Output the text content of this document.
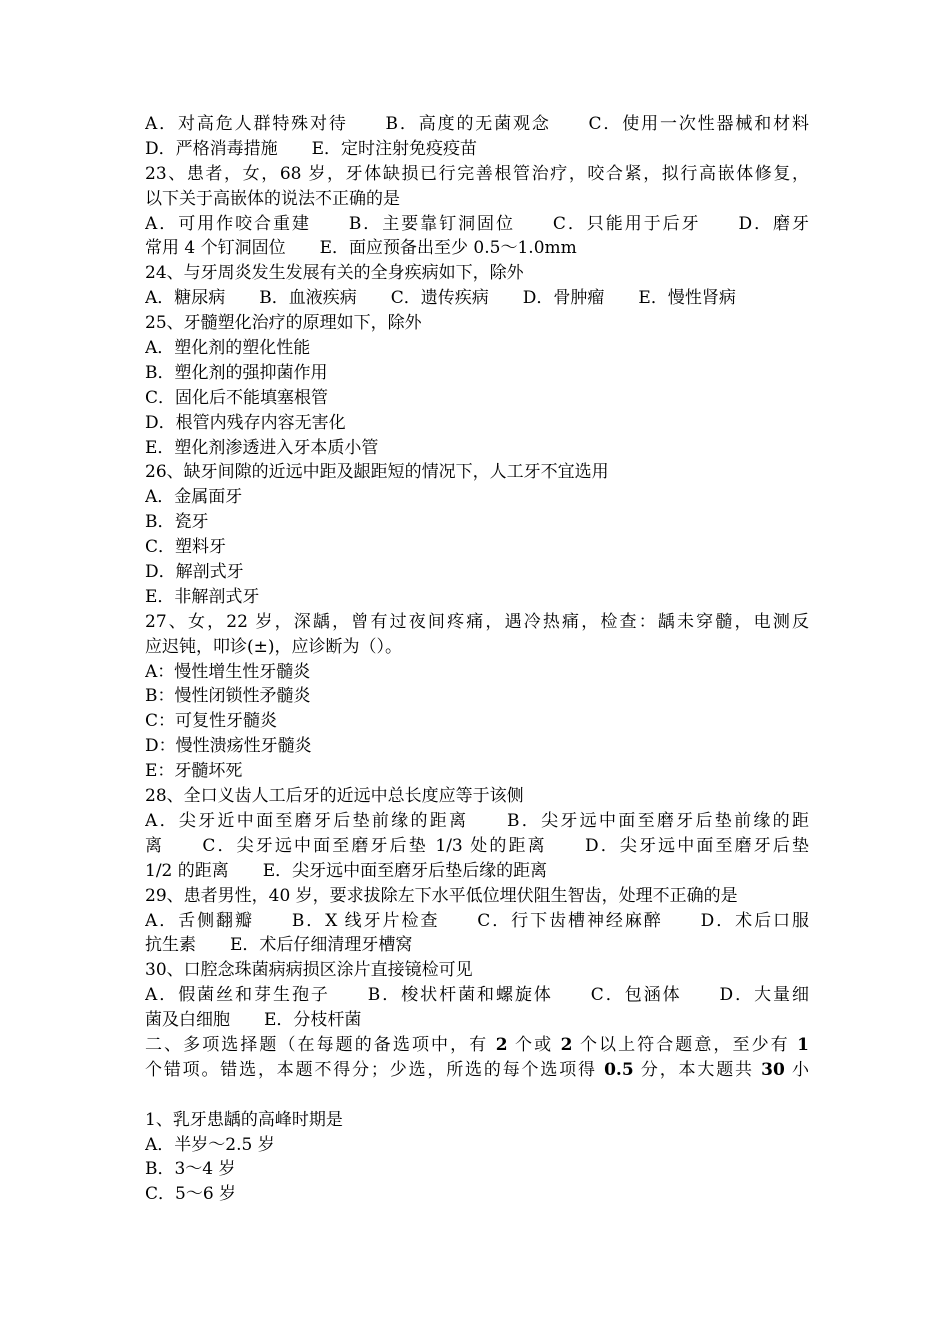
A．对高危人群特殊对待　　B．高度的无菌观念　　C．使用一次性器械和材料
D．严格消毒措施　　E．定时注射免疫疫苗
23、患者，女，68 岁，牙体缺损已行完善根管治疗，咬合紧，拟行高嵌体修复，
以下关于高嵌体的说法不正确的是
A．可用作咬合重建　　B．主要靠钉洞固位　　C．只能用于后牙　　D．磨牙
常用 4 个钉洞固位　　E．面应预备出至少 0.5～1.0mm
24、与牙周炎发生发展有关的全身疾病如下，除外
A．糖尿病　　B．血液疾病　　C．遗传疾病　　D．骨肿瘤　　E．慢性肾病
25、牙髓塑化治疗的原理如下，除外
A．塑化剂的塑化性能
B．塑化剂的强抑菌作用
C．固化后不能填塞根管
D．根管内残存内容无害化
E．塑化剂渗透进入牙本质小管
26、缺牙间隙的近远中距及龈距短的情况下，人工牙不宜选用
A．金属面牙
B．瓷牙
C．塑料牙
D．解剖式牙
E．非解剖式牙
27、女，22 岁，深龋，曾有过夜间疼痛，遇冷热痛，检查：龋未穿髓，电测反
应迟钝，叩诊(±)，应诊断为（）。
A：慢性增生性牙髓炎
B：慢性闭锁性矛髓炎
C：可复性牙髓炎
D：慢性溃疡性牙髓炎
E：牙髓坏死
28、全口义齿人工后牙的近远中总长度应等于该侧
A．尖牙近中面至磨牙后垫前缘的距离　　B．尖牙远中面至磨牙后垫前缘的距
离　　C．尖牙远中面至磨牙后垫 1/3 处的距离　　D．尖牙远中面至磨牙后垫
1/2 的距离　　E．尖牙远中面至磨牙后垫后缘的距离
29、患者男性，40 岁，要求拔除左下水平低位埋伏阻生智齿，处理不正确的是
A．舌侧翻瓣　　B．X 线牙片检查　　C．行下齿槽神经麻醉　　D．术后口服
抗生素　　E．术后仔细清理牙槽窝
30、口腔念珠菌病病损区涂片直接镜检可见
A．假菌丝和芽生孢子　　B．梭状杆菌和螺旋体　　C．包涵体　　D．大量细
菌及白细胞　　E．分枝杆菌
二、多项选择题（在每题的备选项中，有 2 个或 2 个以上符合题意，至少有 1
个错项。错选，本题不得分；少选，所选的每个选项得 0.5 分，本大题共 30 小

1、乳牙患龋的高峰时期是
A．半岁～2.5 岁
B．3～4 岁
C．5～6 岁
